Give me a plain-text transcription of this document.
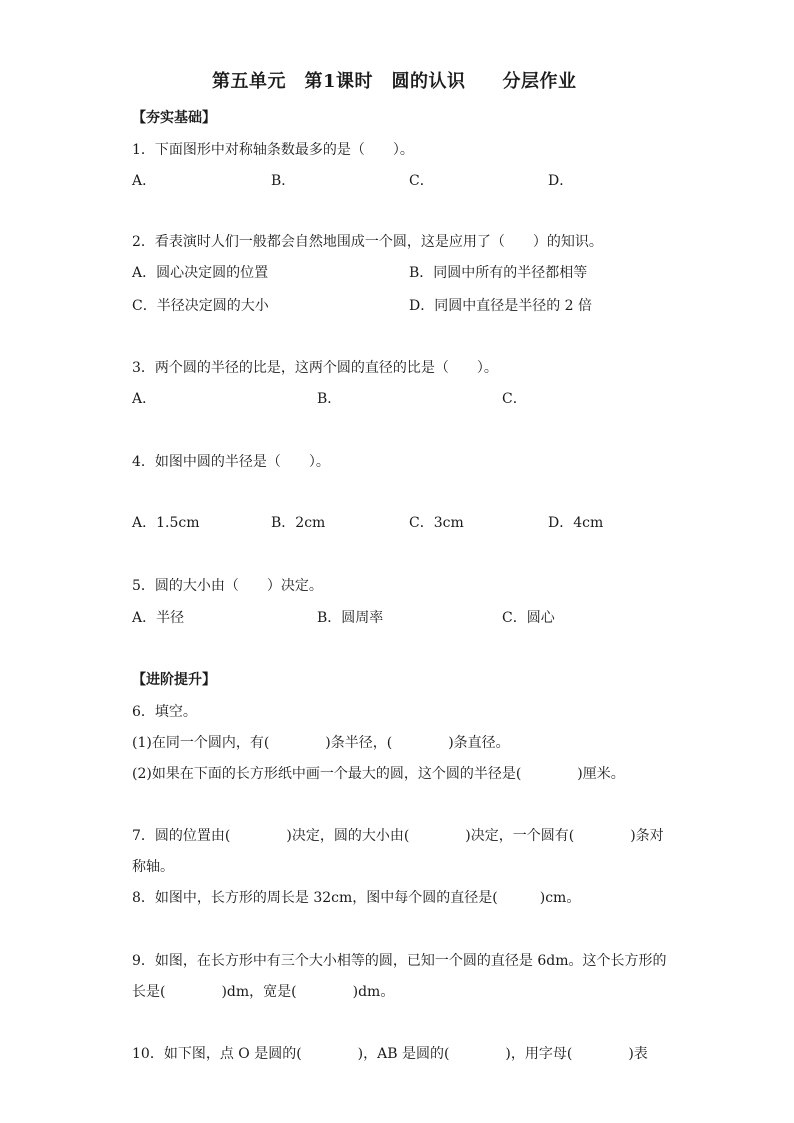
第五单元　第1课时　圆的认识　　分层作业
【夯实基础】
1．下面图形中对称轴条数最多的是（　　）。
A．	B．	C．	D．
2．看表演时人们一般都会自然地围成一个圆，这是应用了（　　）的知识。
A．圆心决定圆的位置	B．同圆中所有的半径都相等
C．半径决定圆的大小	D．同圆中直径是半径的 2 倍
3．两个圆的半径的比是，这两个圆的直径的比是（　　）。
A．	B．	C．
4．如图中圆的半径是（　　）。
A．1.5cm	B．2cm	C．3cm	D．4cm
5．圆的大小由（　　）决定。
A．半径	B．圆周率	C．圆心
【进阶提升】
6．填空。
(1)在同一个圆内，有(　　　　)条半径，(　　　　)条直径。
(2)如果在下面的长方形纸中画一个最大的圆，这个圆的半径是(　　　　)厘米。
7．圆的位置由(　　　　)决定，圆的大小由(　　　　)决定，一个圆有(　　　　)条对
称轴。
8．如图中，长方形的周长是 32cm，图中每个圆的直径是(　　　)cm。
9．如图，在长方形中有三个大小相等的圆，已知一个圆的直径是 6dm。这个长方形的
长是(　　　　)dm，宽是(　　　　)dm。
10．如下图，点 O 是圆的(　　　　)，AB 是圆的(　　　　)，用字母(　　　　)表
